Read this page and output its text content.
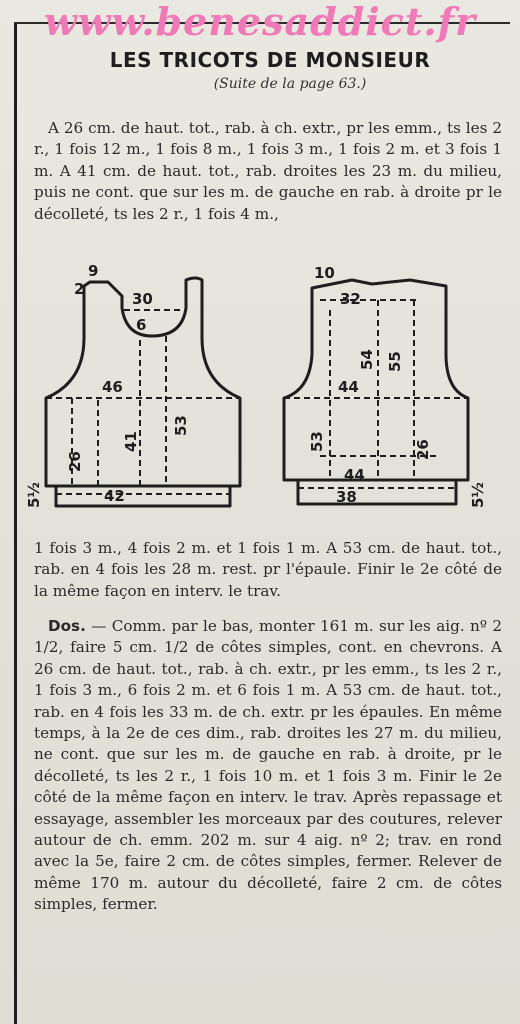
www.benesaddict.fr
LES TRICOTS DE MONSIEUR
(Suite de la page 63.)
A 26 cm. de haut. tot., rab. à ch. extr., pr les emm., ts les 2 r., 1 fois 12 m., 1 fois 8 m., 1 fois 3 m., 1 fois 2 m. et 3 fois 1 m. A 41 cm. de haut. tot., rab. droites les 23 m. du milieu, puis ne cont. que sur les m. de gauche en rab. à droite pr le décolleté, ts les 2 r., 1 fois 4 m.,
9
2
30
6
46
41
53
26
42
5½
10
32
54 55
44
53
44
26
38	5½
1 fois 3 m., 4 fois 2 m. et 1 fois 1 m. A 53 cm. de haut. tot., rab. en 4 fois les 28 m. rest. pr l'épaule. Finir le 2e côté de la même façon en interv. le trav.
Dos. — Comm. par le bas, monter 161 m. sur les aig. nº 2 1/2, faire 5 cm. 1/2 de côtes simples, cont. en chevrons. A 26 cm. de haut. tot., rab. à ch. extr., pr les emm., ts les 2 r., 1 fois 3 m., 6 fois 2 m. et 6 fois 1 m. A 53 cm. de haut. tot., rab. en 4 fois les 33 m. de ch. extr. pr les épaules. En même temps, à la 2e de ces dim., rab. droites les 27 m. du milieu, ne cont. que sur les m. de gauche en rab. à droite, pr le décolleté, ts les 2 r., 1 fois 10 m. et 1 fois 3 m. Finir le 2e côté de la même façon en interv. le trav. Après repassage et essayage, assembler les morceaux par des coutures, relever autour de ch. emm. 202 m. sur 4 aig. nº 2; trav. en rond avec la 5e, faire 2 cm. de côtes simples, fermer. Relever de même 170 m. autour du décolleté, faire 2 cm. de côtes simples, fermer.
